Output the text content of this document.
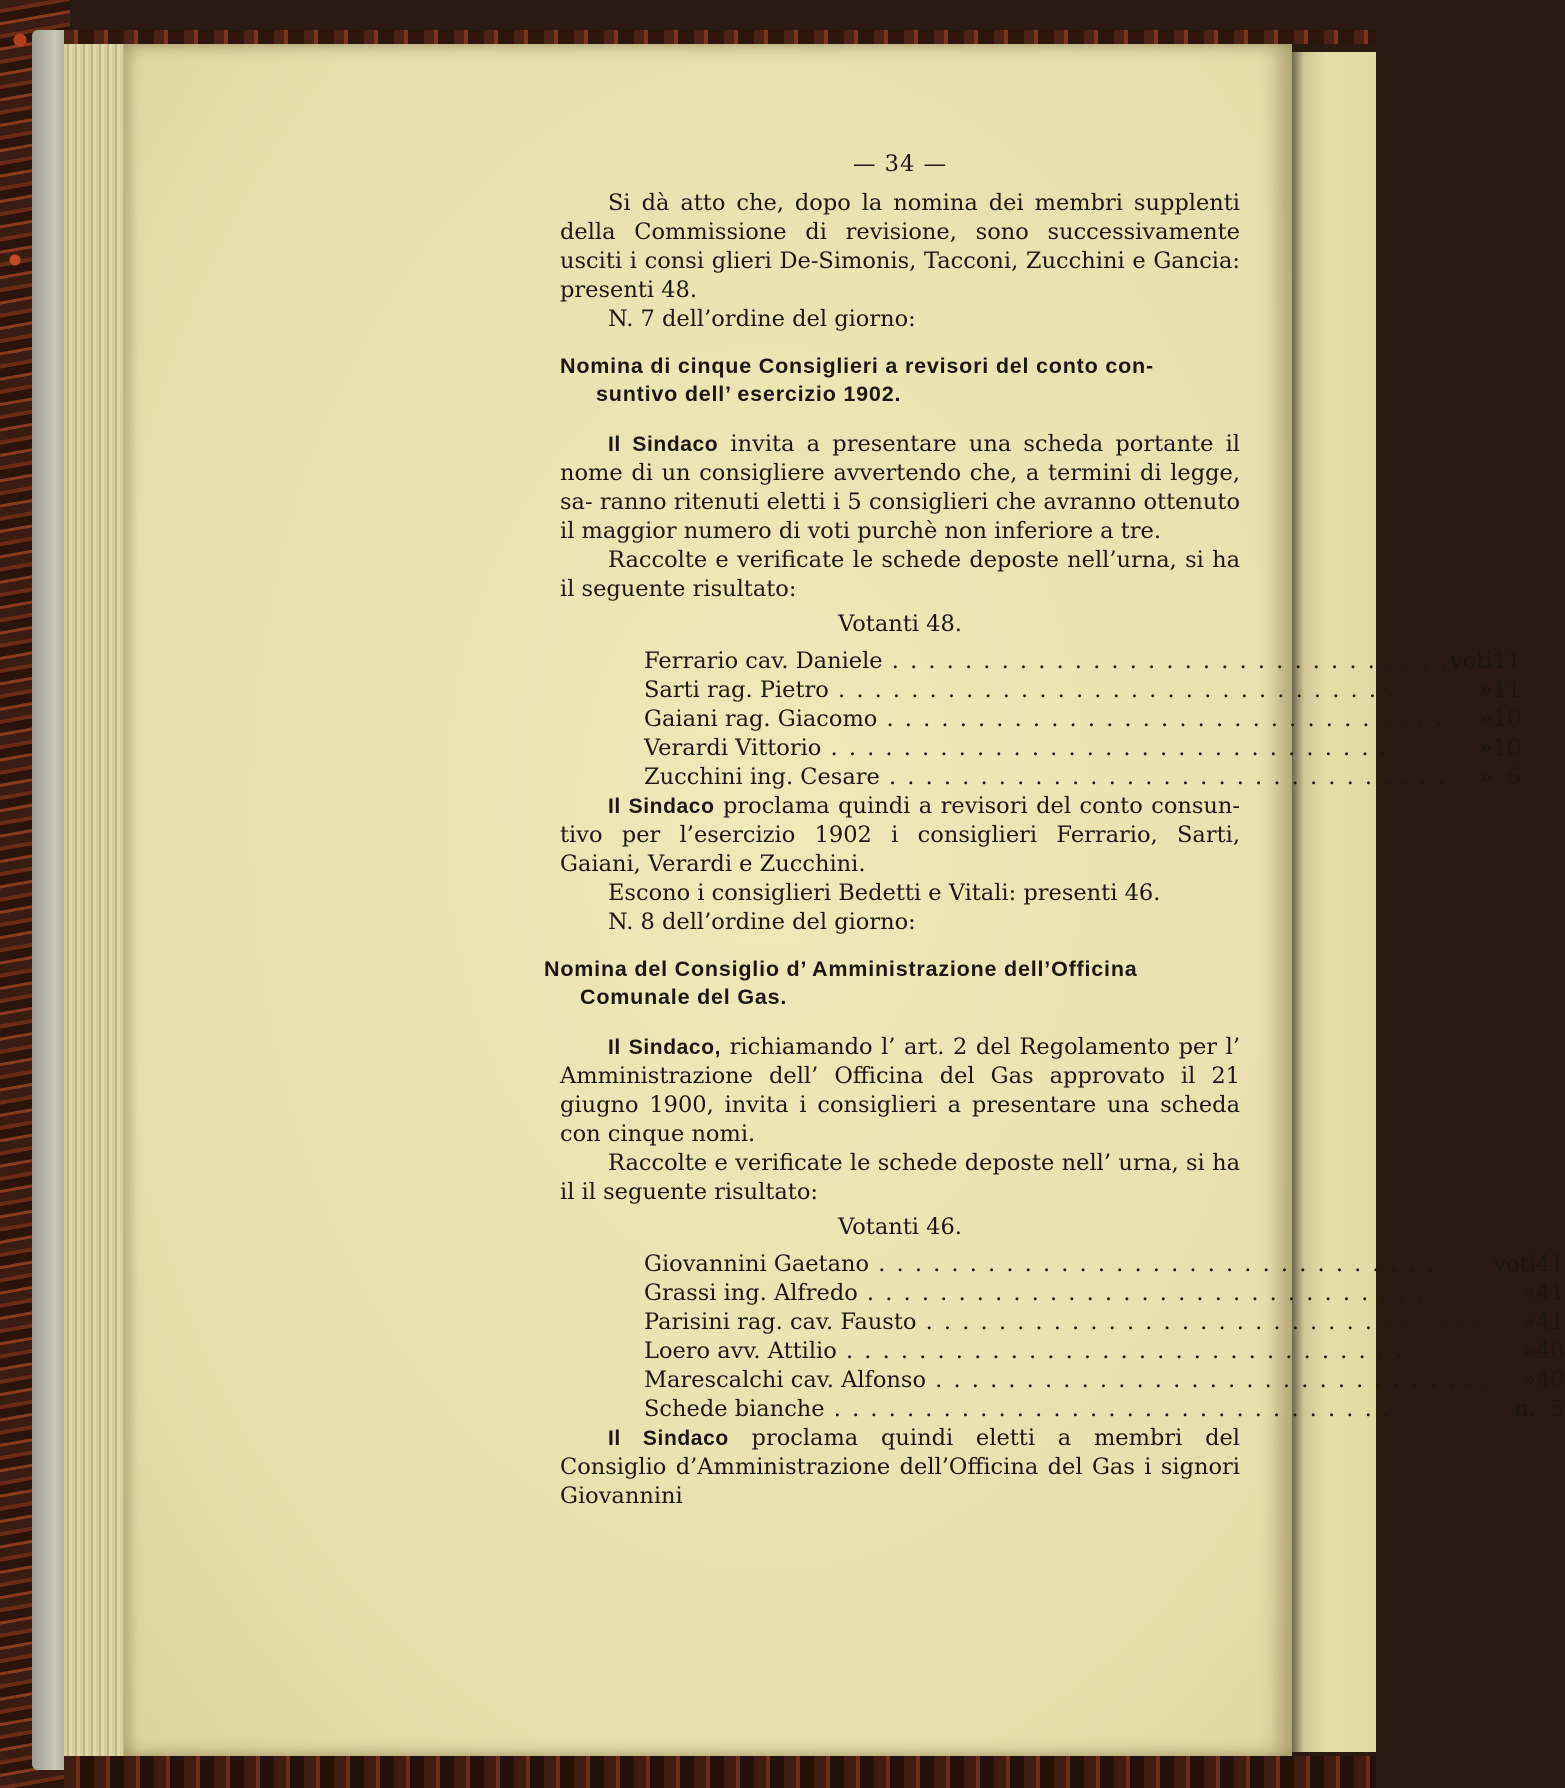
— 34 —

Si dà atto che, dopo la nomina dei membri supplenti della Commissione di revisione, sono successivamente usciti i consi glieri De-Simonis, Tacconi, Zucchini e Gancia: presenti 48.

N. 7 dell’ordine del giorno:

Nomina di cinque Consiglieri a revisori del conto con-
suntivo dell’ esercizio 1902.

Il Sindaco invita a presentare una scheda portante il nome di un consigliere avvertendo che, a termini di legge, sa- ranno ritenuti eletti i 5 consiglieri che avranno ottenuto il maggior numero di voti purchè non inferiore a tre.

Raccolte e verificate le schede deposte nell’urna, si ha il seguente risultato:

Votanti 48.
Ferrario cav. Daniele . . .	voti	11
Sarti rag. Pietro . . .	»	11
Gaiani rag. Giacomo . . .	»	10
Verardi Vittorio . . .	»	10
Zucchini ing. Cesare . . .	»	6

Il Sindaco proclama quindi a revisori del conto consun- tivo per l’esercizio 1902 i consiglieri Ferrario, Sarti, Gaiani, Verardi e Zucchini.

Escono i consiglieri Bedetti e Vitali: presenti 46.

N. 8 dell’ordine del giorno:

Nomina del Consiglio d’ Amministrazione dell’Officina
Comunale del Gas.

Il Sindaco, richiamando l’ art. 2 del Regolamento per l’ Amministrazione dell’ Officina del Gas approvato il 21 giugno 1900, invita i consiglieri a presentare una scheda con cinque nomi.

Raccolte e verificate le schede deposte nell’ urna, si ha il il seguente risultato:

Votanti 46.
Giovannini Gaetano . . .	voti	41
Grassi ing. Alfredo . . .	»	41
Parisini rag. cav. Fausto . . .	»	41
Loero avv. Attilio . . .	»	40
Marescalchi cav. Alfonso . . .	»	40
Schede bianche . . .	n.	5

Il Sindaco proclama quindi eletti a membri del Consiglio d’Amministrazione dell’Officina del Gas i signori Giovannini
